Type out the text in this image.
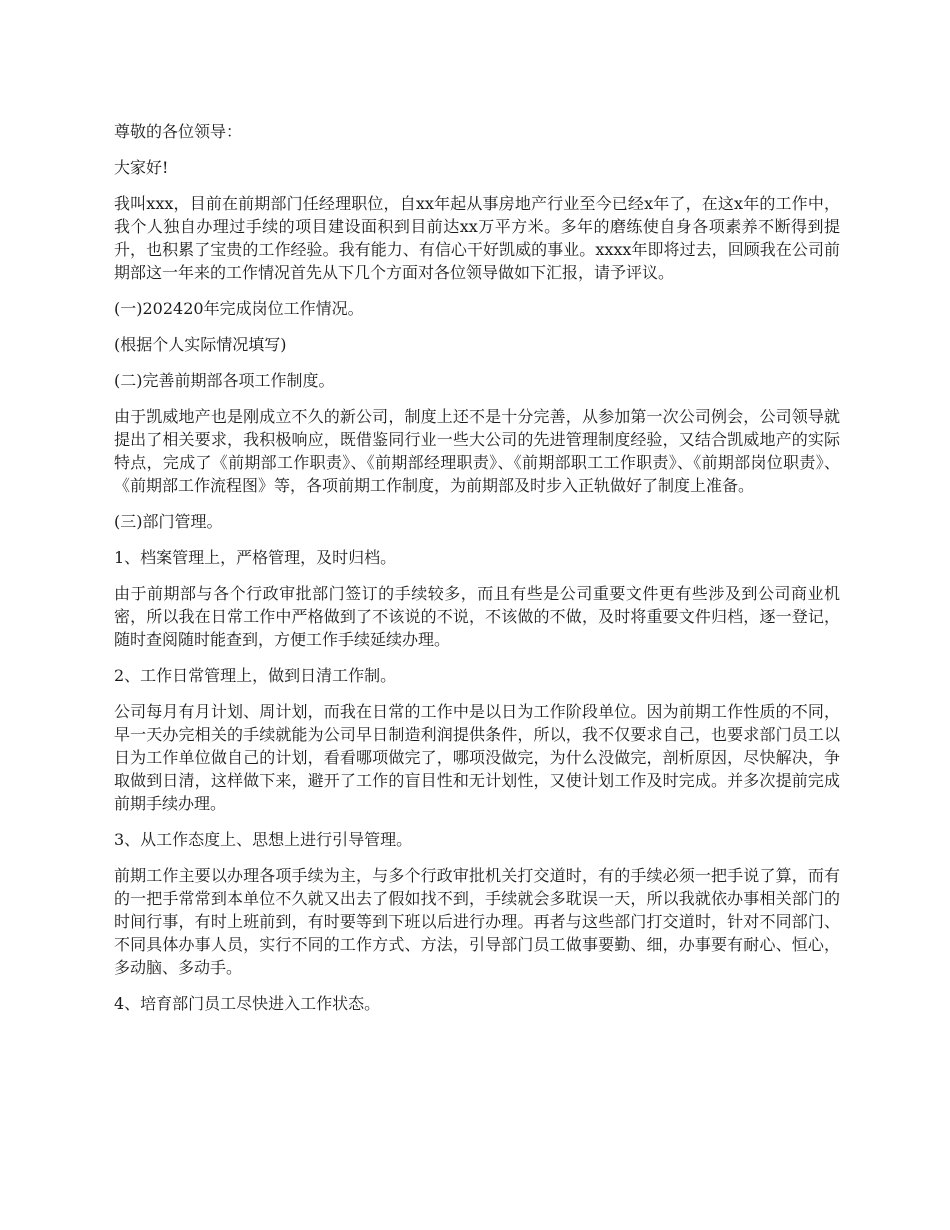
尊敬的各位领导：

大家好!

我叫xxx，目前在前期部门任经理职位，自xx年起从事房地产行业至今已经x年了，在这x年的工作中，我个人独自办理过手续的项目建设面积到目前达xx万平方米。多年的磨练使自身各项素养不断得到提升，也积累了宝贵的工作经验。我有能力、有信心干好凯威的事业。xxxx年即将过去，回顾我在公司前期部这一年来的工作情况首先从下几个方面对各位领导做如下汇报，请予评议。

(一)202420年完成岗位工作情况。

(根据个人实际情况填写)

(二)完善前期部各项工作制度。

由于凯威地产也是刚成立不久的新公司，制度上还不是十分完善，从参加第一次公司例会，公司领导就提出了相关要求，我积极响应，既借鉴同行业一些大公司的先进管理制度经验，又结合凯威地产的实际特点，完成了《前期部工作职责》、《前期部经理职责》、《前期部职工工作职责》、《前期部岗位职责》、《前期部工作流程图》等，各项前期工作制度，为前期部及时步入正轨做好了制度上准备。

(三)部门管理。

1、档案管理上，严格管理，及时归档。

由于前期部与各个行政审批部门签订的手续较多，而且有些是公司重要文件更有些涉及到公司商业机密，所以我在日常工作中严格做到了不该说的不说，不该做的不做，及时将重要文件归档，逐一登记，随时查阅随时能查到，方便工作手续延续办理。

2、工作日常管理上，做到日清工作制。

公司每月有月计划、周计划，而我在日常的工作中是以日为工作阶段单位。因为前期工作性质的不同，早一天办完相关的手续就能为公司早日制造利润提供条件，所以，我不仅要求自己，也要求部门员工以日为工作单位做自己的计划，看看哪项做完了，哪项没做完，为什么没做完，剖析原因，尽快解决，争取做到日清，这样做下来，避开了工作的盲目性和无计划性，又使计划工作及时完成。并多次提前完成前期手续办理。

3、从工作态度上、思想上进行引导管理。

前期工作主要以办理各项手续为主，与多个行政审批机关打交道时，有的手续必须一把手说了算，而有的一把手常常到本单位不久就又出去了假如找不到，手续就会多耽误一天，所以我就依办事相关部门的时间行事，有时上班前到，有时要等到下班以后进行办理。再者与这些部门打交道时，针对不同部门、不同具体办事人员，实行不同的工作方式、方法，引导部门员工做事要勤、细，办事要有耐心、恒心，多动脑、多动手。

4、培育部门员工尽快进入工作状态。
